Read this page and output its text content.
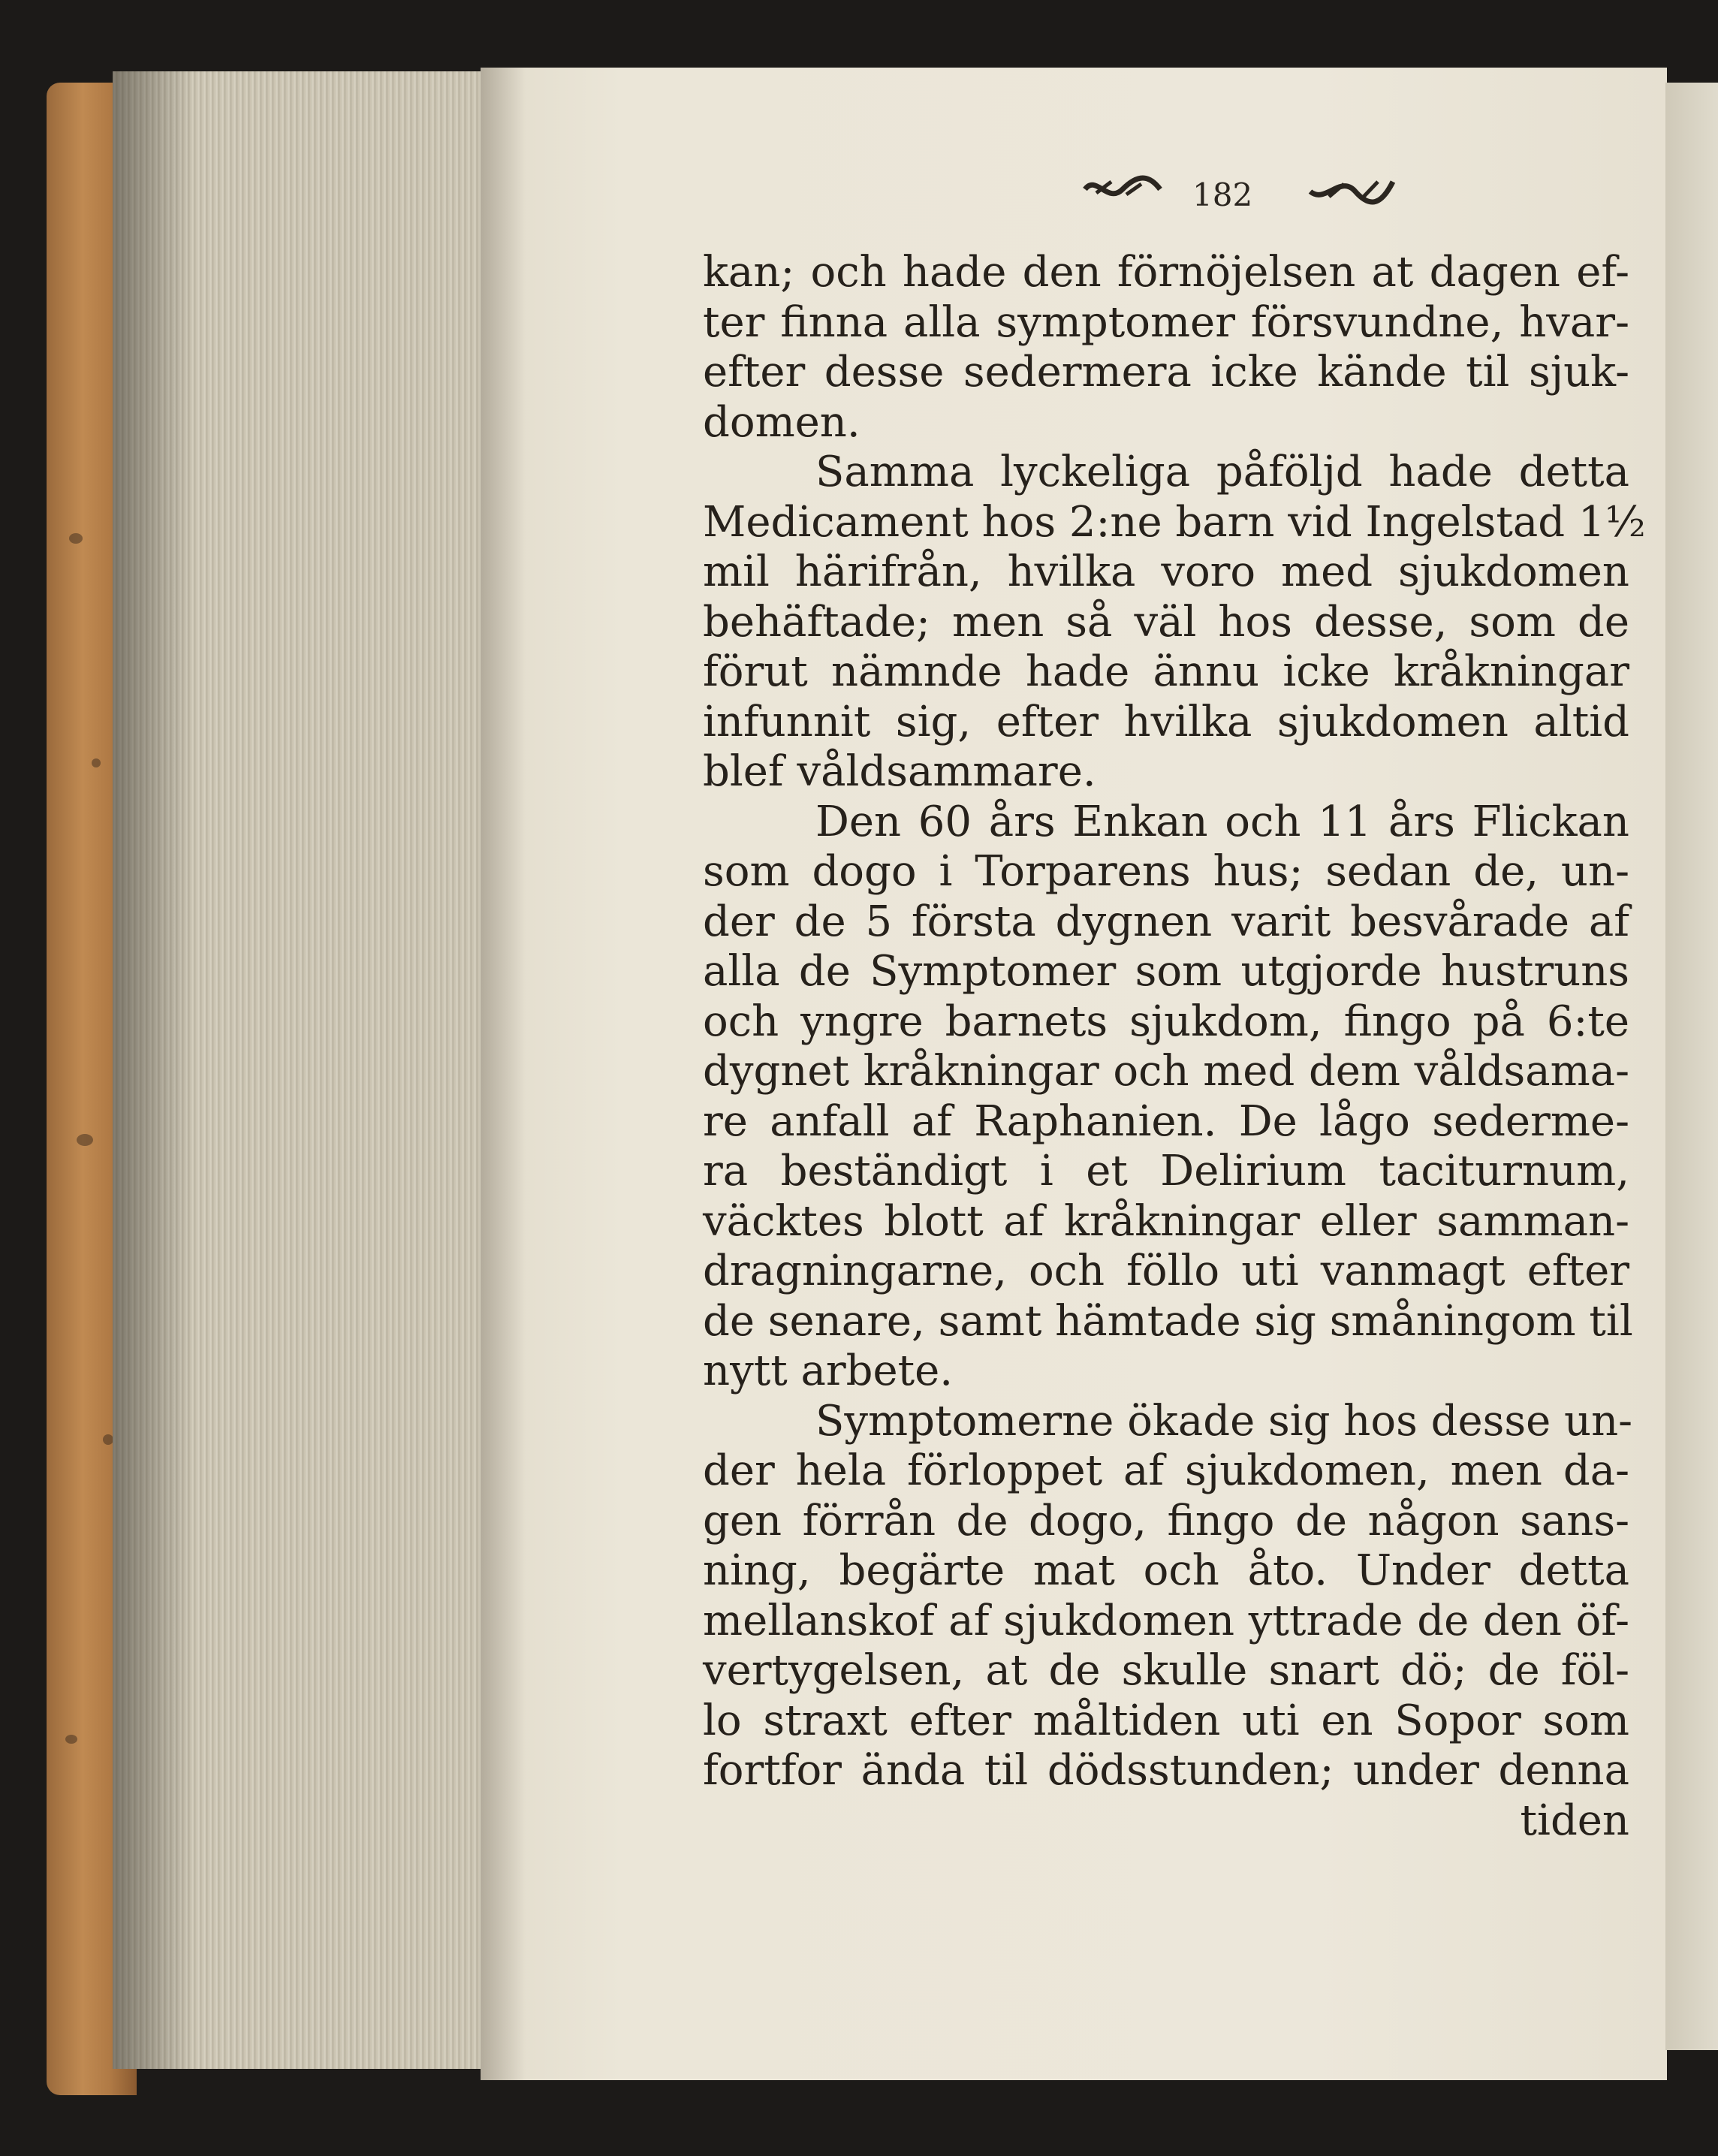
182
kan; och hade den förnöjelsen at dagen ef-
ter finna alla symptomer försvundne, hvar-
efter desse sedermera icke kände til sjuk-
domen.
Samma lyckeliga påföljd hade detta
Medicament hos 2:ne barn vid Ingelstad 1½
mil härifrån, hvilka voro med sjukdomen
behäftade; men så väl hos desse, som de
förut nämnde hade ännu icke kråkningar
infunnit sig, efter hvilka sjukdomen altid
blef våldsammare.
Den 60 års Enkan och 11 års Flickan
som dogo i Torparens hus; sedan de, un-
der de 5 första dygnen varit besvårade af
alla de Symptomer som utgjorde hustruns
och yngre barnets sjukdom, fingo på 6:te
dygnet kråkningar och med dem våldsama-
re anfall af Raphanien. De lågo sederme-
ra beständigt i et Delirium taciturnum,
väcktes blott af kråkningar eller samman-
dragningarne, och föllo uti vanmagt efter
de senare, samt hämtade sig småningom til
nytt arbete.
Symptomerne ökade sig hos desse un-
der hela förloppet af sjukdomen, men da-
gen förrån de dogo, fingo de någon sans-
ning, begärte mat och åto. Under detta
mellanskof af sjukdomen yttrade de den öf-
vertygelsen, at de skulle snart dö; de föl-
lo straxt efter måltiden uti en Sopor som
fortfor ända til dödsstunden; under denna
tiden
